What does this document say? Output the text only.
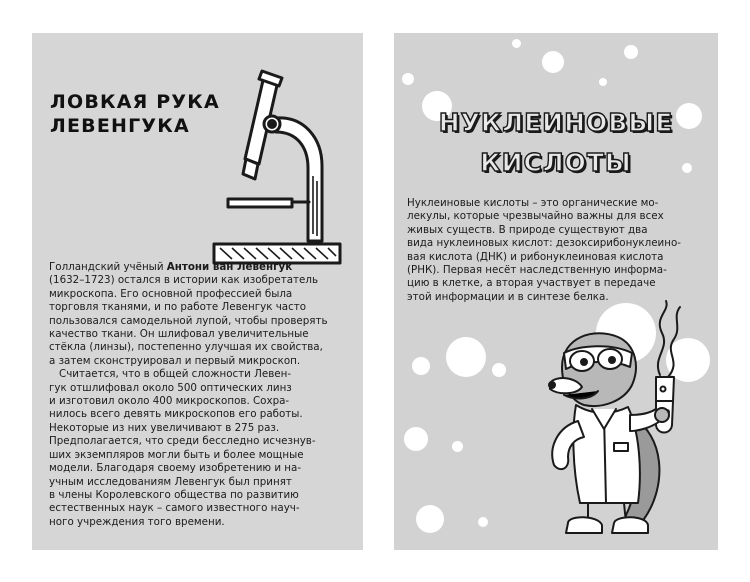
ЛОВКАЯ РУКА
ЛЕВЕНГУКА
Голландский учёный Антони ван Левенгук
(1632–1723) остался в истории как изобретатель
микроскопа. Его основной профессией была
торговля тканями, и по работе Левенгук часто
пользовался самодельной лупой, чтобы проверять
качество ткани. Он шлифовал увеличительные
стёкла (линзы), постепенно улучшая их свойства,
а затем сконструировал и первый микроскоп.
Считается, что в общей сложности Левен-
гук отшлифовал около 500 оптических линз
и изготовил около 400 микроскопов. Сохра-
нилось всего девять микроскопов его работы.
Некоторые из них увеличивают в 275 раз.
Предполагается, что среди бесследно исчезнув-
ших экземпляров могли быть и более мощные
модели. Благодаря своему изобретению и на-
учным исследованиям Левенгук был принят
в члены Королевского общества по развитию
естественных наук – самого известного науч-
ного учреждения того времени.
НУКЛЕИНОВЫЕ
КИСЛОТЫ
Нуклеиновые кислоты – это органические мо-
лекулы, которые чрезвычайно важны для всех
живых существ. В природе существуют два
вида нуклеиновых кислот: дезоксирибонуклеино-
вая кислота (ДНК) и рибонуклеиновая кислота
(РНК). Первая несёт наследственную информа-
цию в клетке, а вторая участвует в передаче
этой информации и в синтезе белка.
